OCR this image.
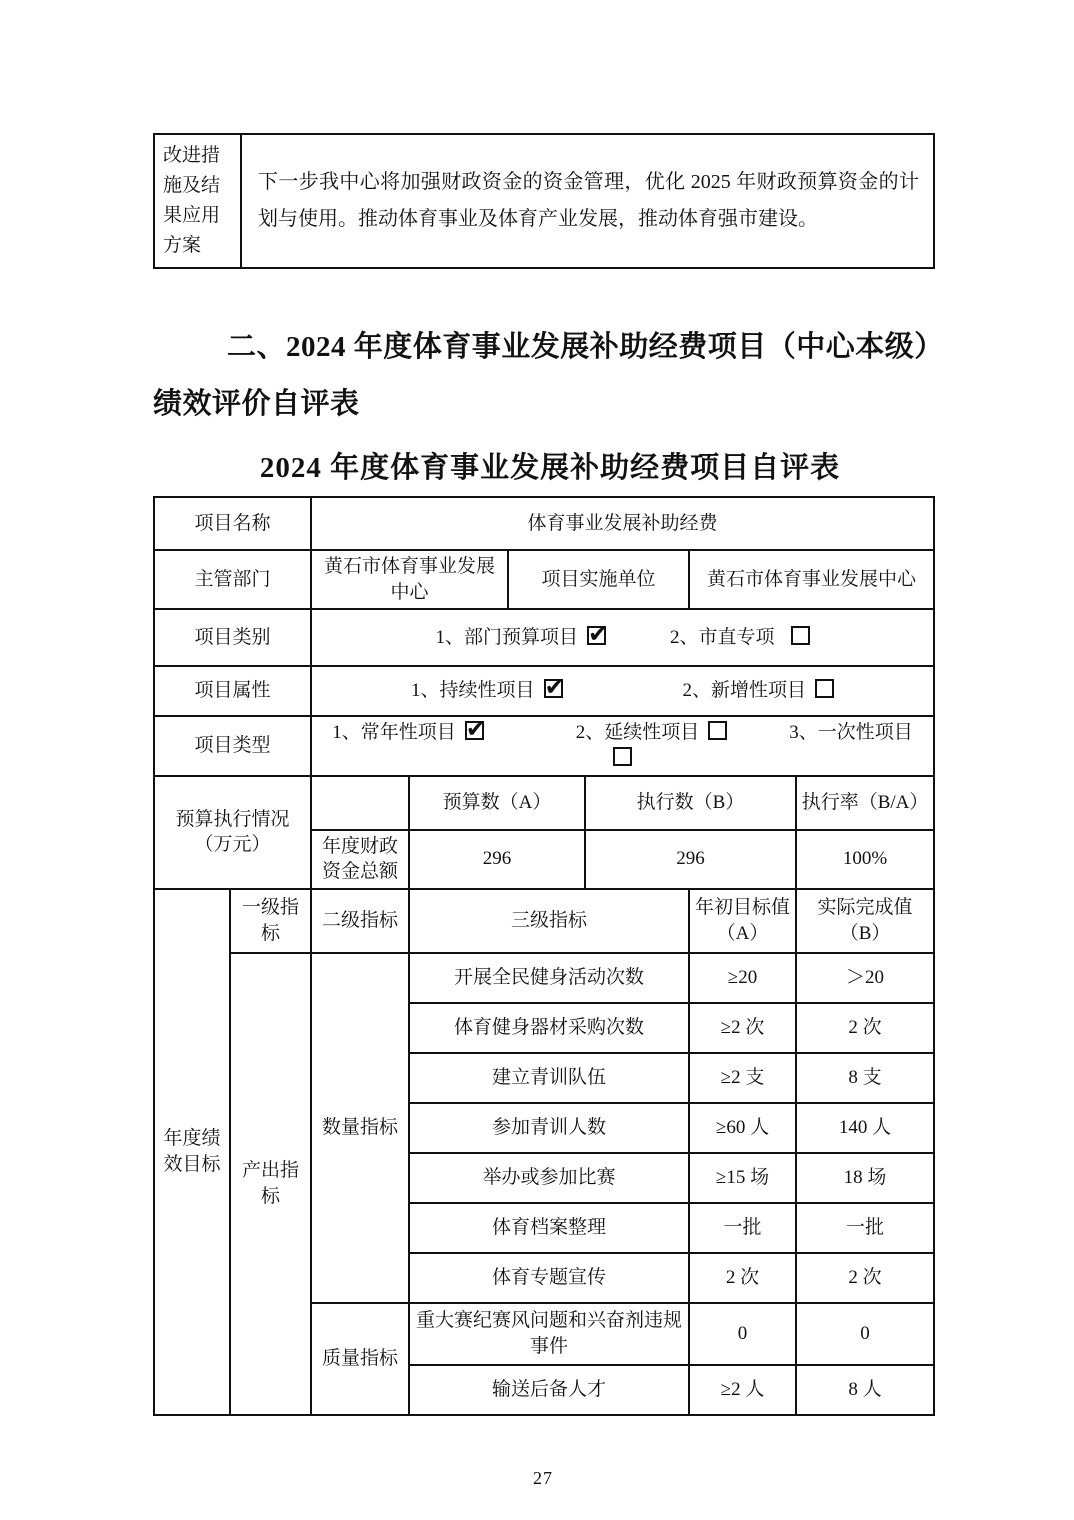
改进措施及结果应用方案	下一步我中心将加强财政资金的资金管理，优化 2025 年财政预算资金的计划与使用。推动体育事业及体育产业发展，推动体育强市建设。
二、2024 年度体育事业发展补助经费项目（中心本级）
绩效评价自评表
2024 年度体育事业发展补助经费项目自评表
项目名称		体育事业发展补助经费					
主管部门		黄石市体育事业发展中心		项目实施单位		黄石市体育事业发展中心	
项目类别		1、部门预算项目 ✔ 2、市直专项
项目属性		1、持续性项目 ✔ 2、新增性项目
项目类型		1、常年性项目 ✔ 2、延续性项目 3、一次性项目

预算执行情况（万元）			预算数（A）		执行数（B）		执行率（B/A）
		年度财政资金总额	296		296		100%
年度绩效目标	一级指标	二级指标	三级指标			年初目标值（A）	实际完成值（B）
	产出指标	数量指标	开展全民健身活动次数			≥20	＞20
			体育健身器材采购次数			≥2 次	2 次
			建立青训队伍			≥2 支	8 支
			参加青训人数			≥60 人	140 人
			举办或参加比赛			≥15 场	18 场
			体育档案整理			一批	一批
			体育专题宣传			2 次	2 次
		质量指标	重大赛纪赛风问题和兴奋剂违规事件			0	0
			输送后备人才			≥2 人	8 人
27
